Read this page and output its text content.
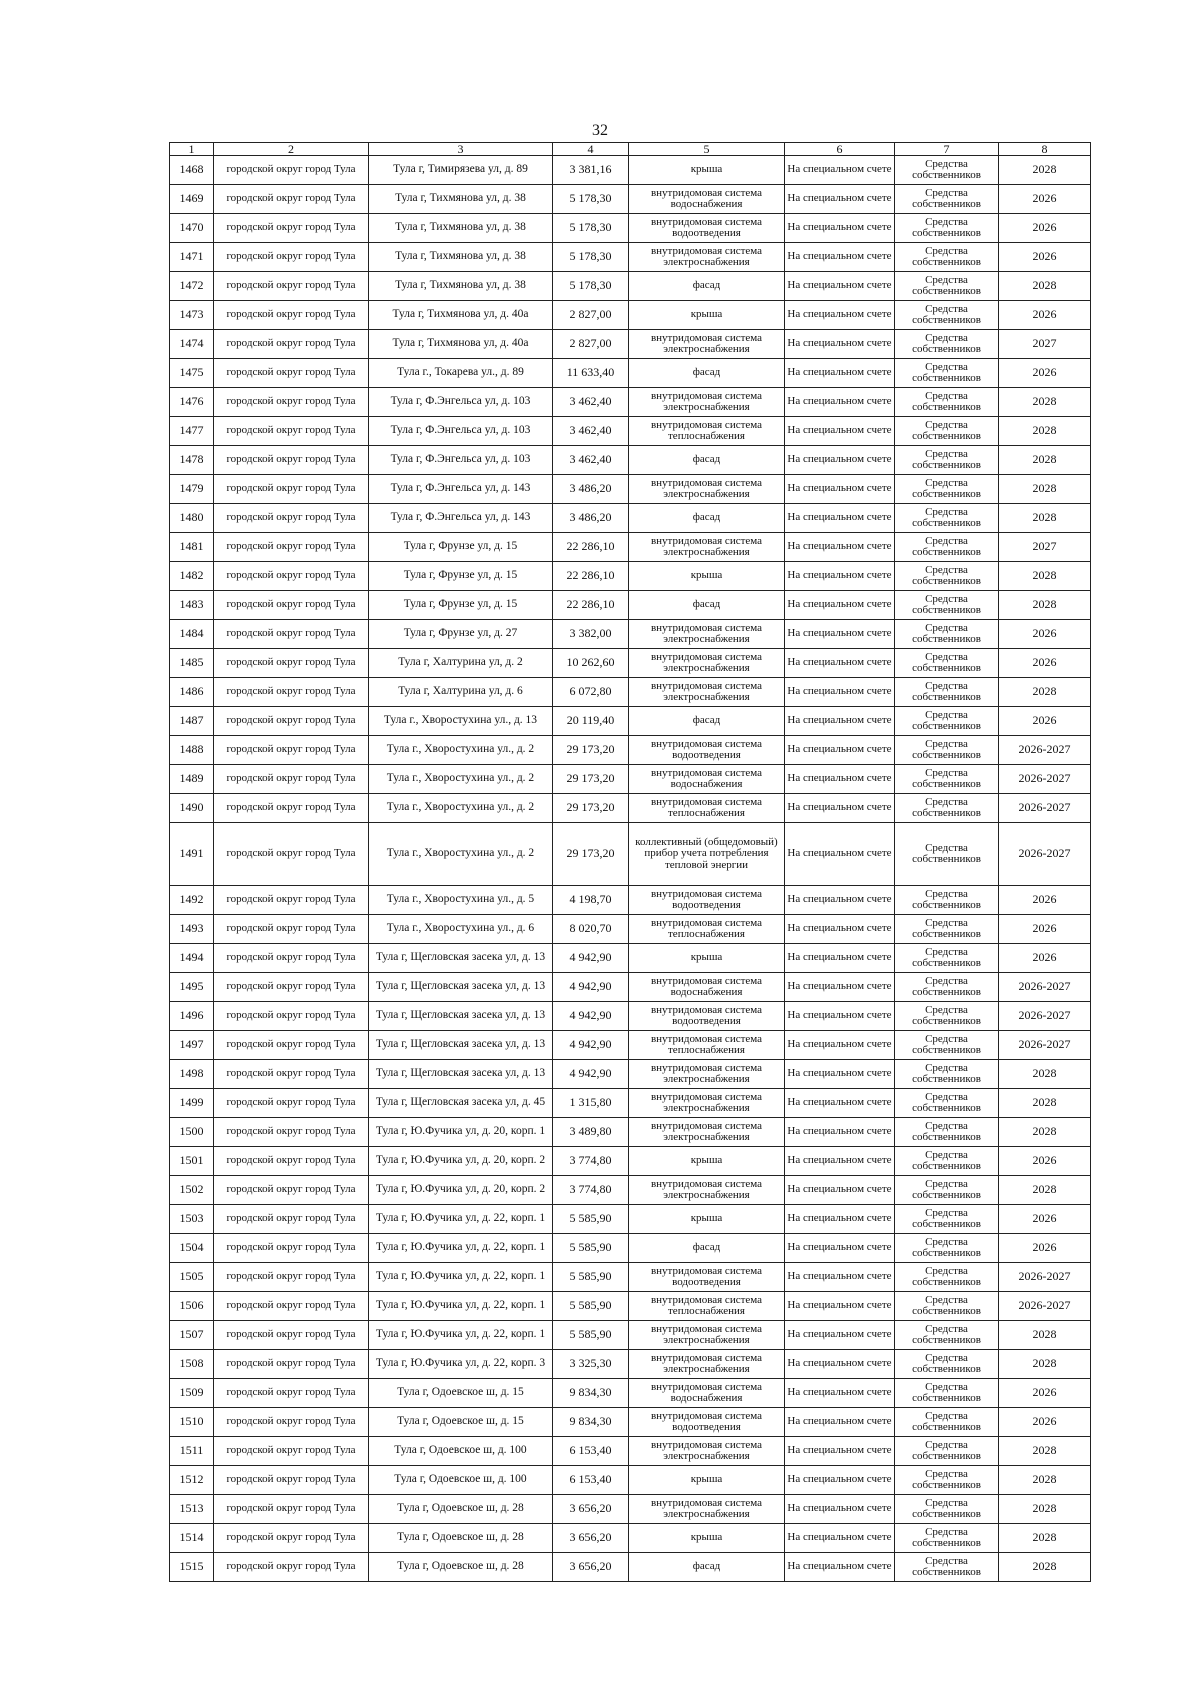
32
1	2	3	4	5	6	7	8
1468	городской округ город Тула	Тула г, Тимирязева ул, д. 89	3 381,16	крыша	На специальном счете	Средства собственников	2028
1469	городской округ город Тула	Тула г, Тихмянова ул, д. 38	5 178,30	внутридомовая система водоснабжения	На специальном счете	Средства собственников	2026
1470	городской округ город Тула	Тула г, Тихмянова ул, д. 38	5 178,30	внутридомовая система водоотведения	На специальном счете	Средства собственников	2026
1471	городской округ город Тула	Тула г, Тихмянова ул, д. 38	5 178,30	внутридомовая система электроснабжения	На специальном счете	Средства собственников	2026
1472	городской округ город Тула	Тула г, Тихмянова ул, д. 38	5 178,30	фасад	На специальном счете	Средства собственников	2028
1473	городской округ город Тула	Тула г, Тихмянова ул, д. 40а	2 827,00	крыша	На специальном счете	Средства собственников	2026
1474	городской округ город Тула	Тула г, Тихмянова ул, д. 40а	2 827,00	внутридомовая система электроснабжения	На специальном счете	Средства собственников	2027
1475	городской округ город Тула	Тула г., Токарева ул., д. 89	11 633,40	фасад	На специальном счете	Средства собственников	2026
1476	городской округ город Тула	Тула г, Ф.Энгельса ул, д. 103	3 462,40	внутридомовая система электроснабжения	На специальном счете	Средства собственников	2028
1477	городской округ город Тула	Тула г, Ф.Энгельса ул, д. 103	3 462,40	внутридомовая система теплоснабжения	На специальном счете	Средства собственников	2028
1478	городской округ город Тула	Тула г, Ф.Энгельса ул, д. 103	3 462,40	фасад	На специальном счете	Средства собственников	2028
1479	городской округ город Тула	Тула г, Ф.Энгельса ул, д. 143	3 486,20	внутридомовая система электроснабжения	На специальном счете	Средства собственников	2028
1480	городской округ город Тула	Тула г, Ф.Энгельса ул, д. 143	3 486,20	фасад	На специальном счете	Средства собственников	2028
1481	городской округ город Тула	Тула г, Фрунзе ул, д. 15	22 286,10	внутридомовая система электроснабжения	На специальном счете	Средства собственников	2027
1482	городской округ город Тула	Тула г, Фрунзе ул, д. 15	22 286,10	крыша	На специальном счете	Средства собственников	2028
1483	городской округ город Тула	Тула г, Фрунзе ул, д. 15	22 286,10	фасад	На специальном счете	Средства собственников	2028
1484	городской округ город Тула	Тула г, Фрунзе ул, д. 27	3 382,00	внутридомовая система электроснабжения	На специальном счете	Средства собственников	2026
1485	городской округ город Тула	Тула г, Халтурина ул, д. 2	10 262,60	внутридомовая система электроснабжения	На специальном счете	Средства собственников	2026
1486	городской округ город Тула	Тула г, Халтурина ул, д. 6	6 072,80	внутридомовая система электроснабжения	На специальном счете	Средства собственников	2028
1487	городской округ город Тула	Тула г., Хворостухина ул., д. 13	20 119,40	фасад	На специальном счете	Средства собственников	2026
1488	городской округ город Тула	Тула г., Хворостухина ул., д. 2	29 173,20	внутридомовая система водоотведения	На специальном счете	Средства собственников	2026-2027
1489	городской округ город Тула	Тула г., Хворостухина ул., д. 2	29 173,20	внутридомовая система водоснабжения	На специальном счете	Средства собственников	2026-2027
1490	городской округ город Тула	Тула г., Хворостухина ул., д. 2	29 173,20	внутридомовая система теплоснабжения	На специальном счете	Средства собственников	2026-2027
1491	городской округ город Тула	Тула г., Хворостухина ул., д. 2	29 173,20	коллективный (общедомовый) прибор учета потребления тепловой энергии	На специальном счете	Средства собственников	2026-2027
1492	городской округ город Тула	Тула г., Хворостухина ул., д. 5	4 198,70	внутридомовая система водоотведения	На специальном счете	Средства собственников	2026
1493	городской округ город Тула	Тула г., Хворостухина ул., д. 6	8 020,70	внутридомовая система теплоснабжения	На специальном счете	Средства собственников	2026
1494	городской округ город Тула	Тула г, Щегловская засека ул, д. 13	4 942,90	крыша	На специальном счете	Средства собственников	2026
1495	городской округ город Тула	Тула г, Щегловская засека ул, д. 13	4 942,90	внутридомовая система водоснабжения	На специальном счете	Средства собственников	2026-2027
1496	городской округ город Тула	Тула г, Щегловская засека ул, д. 13	4 942,90	внутридомовая система водоотведения	На специальном счете	Средства собственников	2026-2027
1497	городской округ город Тула	Тула г, Щегловская засека ул, д. 13	4 942,90	внутридомовая система теплоснабжения	На специальном счете	Средства собственников	2026-2027
1498	городской округ город Тула	Тула г, Щегловская засека ул, д. 13	4 942,90	внутридомовая система электроснабжения	На специальном счете	Средства собственников	2028
1499	городской округ город Тула	Тула г, Щегловская засека ул, д. 45	1 315,80	внутридомовая система электроснабжения	На специальном счете	Средства собственников	2028
1500	городской округ город Тула	Тула г, Ю.Фучика ул, д. 20, корп. 1	3 489,80	внутридомовая система электроснабжения	На специальном счете	Средства собственников	2028
1501	городской округ город Тула	Тула г, Ю.Фучика ул, д. 20, корп. 2	3 774,80	крыша	На специальном счете	Средства собственников	2026
1502	городской округ город Тула	Тула г, Ю.Фучика ул, д. 20, корп. 2	3 774,80	внутридомовая система электроснабжения	На специальном счете	Средства собственников	2028
1503	городской округ город Тула	Тула г, Ю.Фучика ул, д. 22, корп. 1	5 585,90	крыша	На специальном счете	Средства собственников	2026
1504	городской округ город Тула	Тула г, Ю.Фучика ул, д. 22, корп. 1	5 585,90	фасад	На специальном счете	Средства собственников	2026
1505	городской округ город Тула	Тула г, Ю.Фучика ул, д. 22, корп. 1	5 585,90	внутридомовая система водоотведения	На специальном счете	Средства собственников	2026-2027
1506	городской округ город Тула	Тула г, Ю.Фучика ул, д. 22, корп. 1	5 585,90	внутридомовая система теплоснабжения	На специальном счете	Средства собственников	2026-2027
1507	городской округ город Тула	Тула г, Ю.Фучика ул, д. 22, корп. 1	5 585,90	внутридомовая система электроснабжения	На специальном счете	Средства собственников	2028
1508	городской округ город Тула	Тула г, Ю.Фучика ул, д. 22, корп. 3	3 325,30	внутридомовая система электроснабжения	На специальном счете	Средства собственников	2028
1509	городской округ город Тула	Тула г, Одоевское ш, д. 15	9 834,30	внутридомовая система водоснабжения	На специальном счете	Средства собственников	2026
1510	городской округ город Тула	Тула г, Одоевское ш, д. 15	9 834,30	внутридомовая система водоотведения	На специальном счете	Средства собственников	2026
1511	городской округ город Тула	Тула г, Одоевское ш, д. 100	6 153,40	внутридомовая система электроснабжения	На специальном счете	Средства собственников	2028
1512	городской округ город Тула	Тула г, Одоевское ш, д. 100	6 153,40	крыша	На специальном счете	Средства собственников	2028
1513	городской округ город Тула	Тула г, Одоевское ш, д. 28	3 656,20	внутридомовая система электроснабжения	На специальном счете	Средства собственников	2028
1514	городской округ город Тула	Тула г, Одоевское ш, д. 28	3 656,20	крыша	На специальном счете	Средства собственников	2028
1515	городской округ город Тула	Тула г, Одоевское ш, д. 28	3 656,20	фасад	На специальном счете	Средства собственников	2028
